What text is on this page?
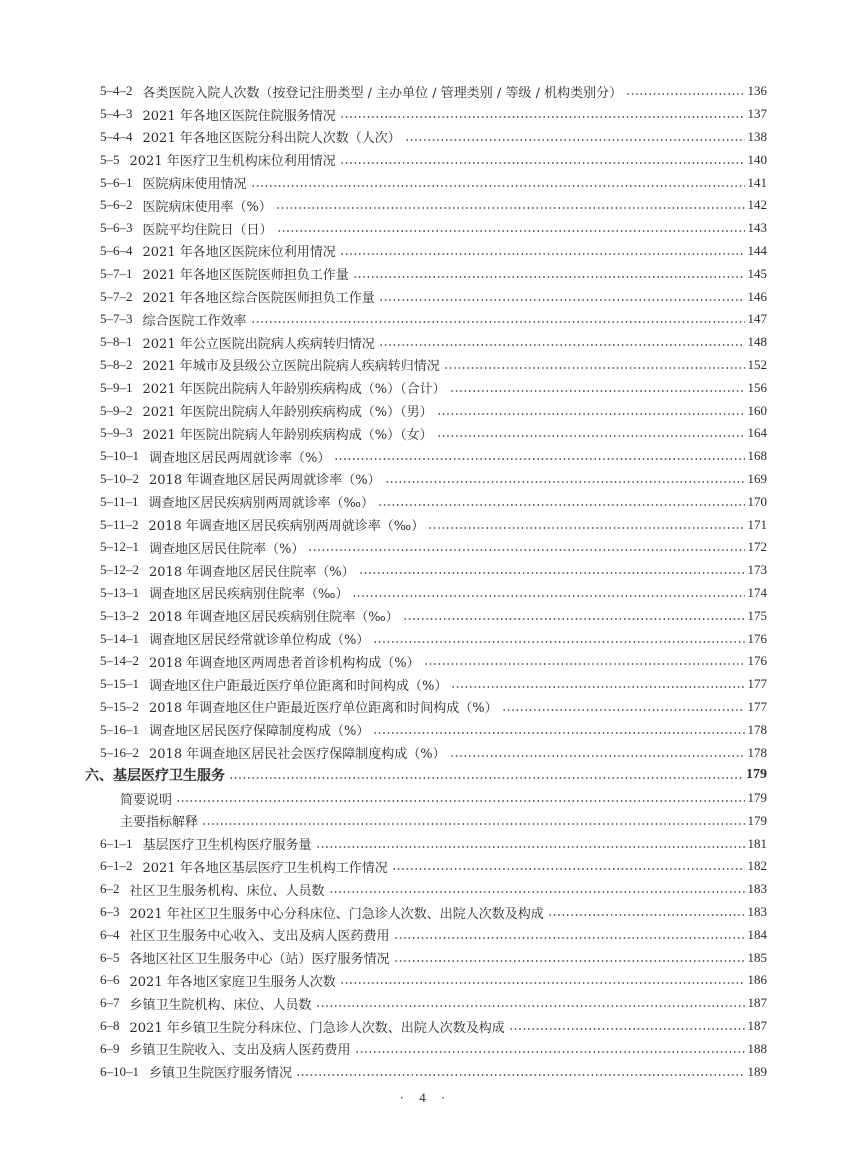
5–4–2 各类医院入院人次数（按登记注册类型 / 主办单位 / 管理类别 / 等级 / 机构类别分）	136
5–4–3 2021 年各地区医院住院服务情况	137
5–4–4 2021 年各地区医院分科出院人次数（人次）	138
5–5 2021 年医疗卫生机构床位利用情况	140
5–6–1 医院病床使用情况	141
5–6–2 医院病床使用率（%）	142
5–6–3 医院平均住院日（日）	143
5–6–4 2021 年各地区医院床位利用情况	144
5–7–1 2021 年各地区医院医师担负工作量	145
5–7–2 2021 年各地区综合医院医师担负工作量	146
5–7–3 综合医院工作效率	147
5–8–1 2021 年公立医院出院病人疾病转归情况	148
5–8–2 2021 年城市及县级公立医院出院病人疾病转归情况	152
5–9–1 2021 年医院出院病人年龄别疾病构成（%）（合计）	156
5–9–2 2021 年医院出院病人年龄别疾病构成（%）（男）	160
5–9–3 2021 年医院出院病人年龄别疾病构成（%）（女）	164
5–10–1 调查地区居民两周就诊率（%）	168
5–10–2 2018 年调查地区居民两周就诊率（%）	169
5–11–1 调查地区居民疾病别两周就诊率（‰）	170
5–11–2 2018 年调查地区居民疾病别两周就诊率（‰）	171
5–12–1 调查地区居民住院率（%）	172
5–12–2 2018 年调查地区居民住院率（%）	173
5–13–1 调查地区居民疾病别住院率（‰）	174
5–13–2 2018 年调查地区居民疾病别住院率（‰）	175
5–14–1 调查地区居民经常就诊单位构成（%）	176
5–14–2 2018 年调查地区两周患者首诊机构构成（%）	176
5–15–1 调查地区住户距最近医疗单位距离和时间构成（%）	177
5–15–2 2018 年调查地区住户距最近医疗单位距离和时间构成（%）	177
5–16–1 调查地区居民医疗保障制度构成（%）	178
5–16–2 2018 年调查地区居民社会医疗保障制度构成（%）	178
六、基层医疗卫生服务	179
简要说明	179
主要指标解释	179
6–1–1 基层医疗卫生机构医疗服务量	181
6–1–2 2021 年各地区基层医疗卫生机构工作情况	182
6–2 社区卫生服务机构、床位、人员数	183
6–3 2021 年社区卫生服务中心分科床位、门急诊人次数、出院人次数及构成	183
6–4 社区卫生服务中心收入、支出及病人医药费用	184
6–5 各地区社区卫生服务中心（站）医疗服务情况	185
6–6 2021 年各地区家庭卫生服务人次数	186
6–7 乡镇卫生院机构、床位、人员数	187
6–8 2021 年乡镇卫生院分科床位、门急诊人次数、出院人次数及构成	187
6–9 乡镇卫生院收入、支出及病人医药费用	188
6–10–1 乡镇卫生院医疗服务情况	189
· 4 ·
